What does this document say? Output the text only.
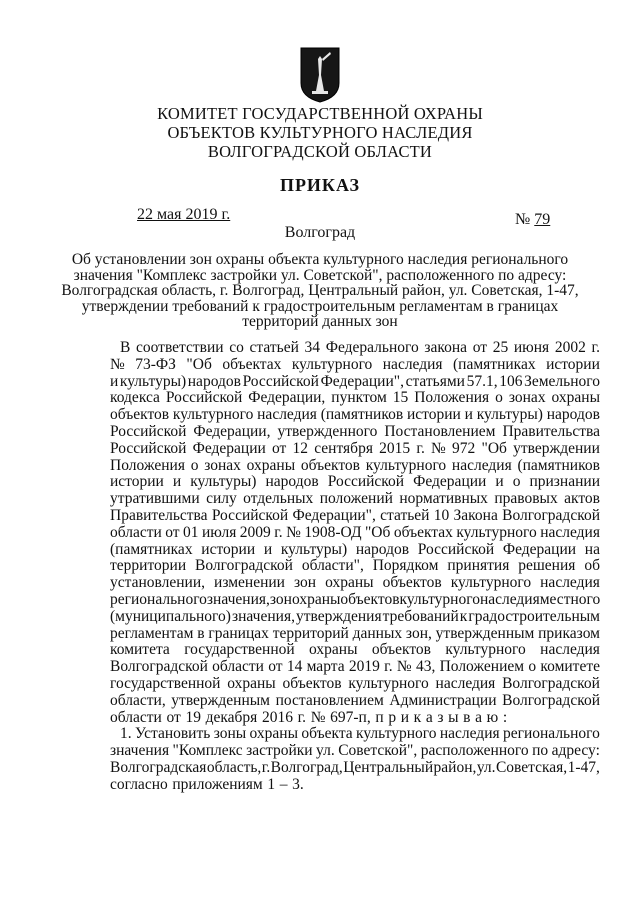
КОМИТЕТ ГОСУДАРСТВЕННОЙ ОХРАНЫ
ОБЪЕКТОВ КУЛЬТУРНОГО НАСЛЕДИЯ
ВОЛГОГРАДСКОЙ ОБЛАСТИ
ПРИКАЗ
22 мая 2019 г.	№ 79
Волгоград
Об установлении зон охраны объекта культурного наследия регионального
значения "Комплекс застройки ул. Советской", расположенного по адресу:
Волгоградская область, г. Волгоград, Центральный район, ул. Советская, 1-47,
утверждении требований к градостроительным регламентам в границах
территорий данных зон
В соответствии со статьей 34 Федерального закона от 25 июня 2002 г.
№ 73-ФЗ "Об объектах культурного наследия (памятниках истории
и культуры) народов Российской Федерации", статьями 57.1, 106 Земельного
кодекса Российской Федерации, пунктом 15 Положения о зонах охраны
объектов культурного наследия (памятников истории и культуры) народов
Российской Федерации, утвержденного Постановлением Правительства
Российской Федерации от 12 сентября 2015 г. № 972 "Об утверждении
Положения о зонах охраны объектов культурного наследия (памятников
истории и культуры) народов Российской Федерации и о признании
утратившими силу отдельных положений нормативных правовых актов
Правительства Российской Федерации", статьей 10 Закона Волгоградской
области от 01 июля 2009 г. № 1908-ОД "Об объектах культурного наследия
(памятниках истории и культуры) народов Российской Федерации на
территории Волгоградской области", Порядком принятия решения об
установлении, изменении зон охраны объектов культурного наследия
регионального значения, зон охраны объектов культурного наследия местного
(муниципального) значения, утверждения требований к градостроительным
регламентам в границах территорий данных зон, утвержденным приказом
комитета государственной охраны объектов культурного наследия
Волгоградской области от 14 марта 2019 г. № 43, Положением о комитете
государственной охраны объектов культурного наследия Волгоградской
области, утвержденным постановлением Администрации Волгоградской
области от 19 декабря 2016 г. № 697-п, п р и к а з ы в а ю :
1. Установить зоны охраны объекта культурного наследия регионального
значения "Комплекс застройки ул. Советской", расположенного по адресу:
Волгоградская область, г. Волгоград, Центральный район, ул. Советская, 1-47,
согласно приложениям 1 – 3.
